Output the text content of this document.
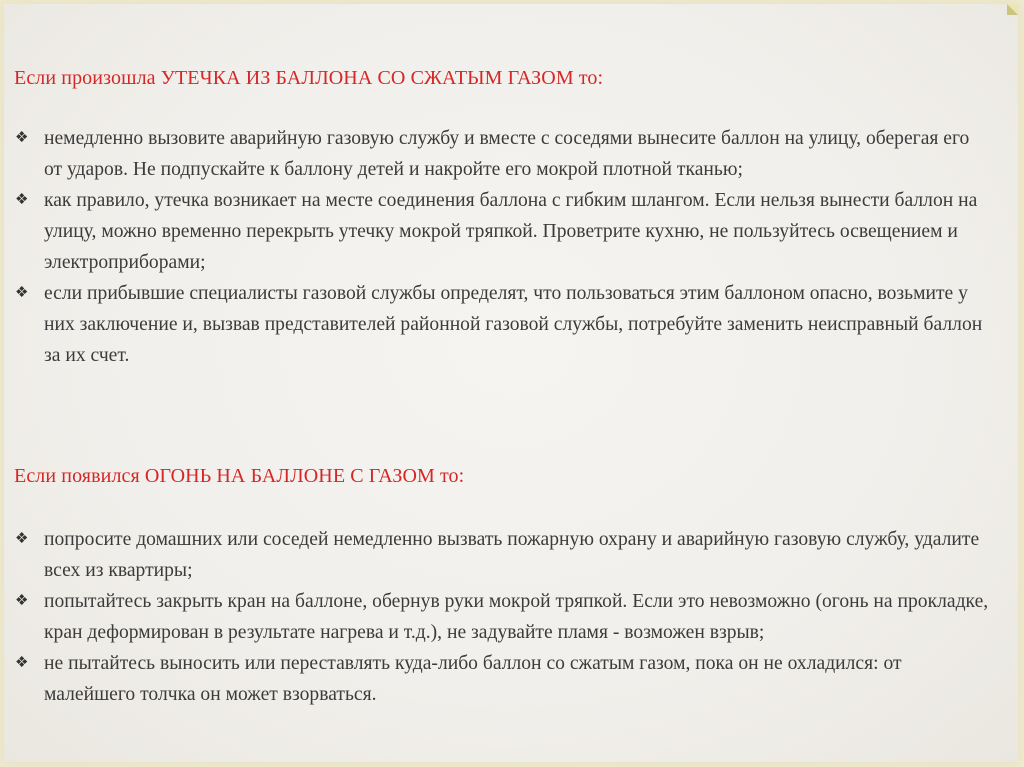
Если произошла УТЕЧКА ИЗ БАЛЛОНА СО СЖАТЫМ ГАЗОМ то:
❖ немедленно вызовите аварийную газовую службу и вместе с соседями вынесите баллон на улицу, оберегая его от ударов. Не подпускайте к баллону детей и накройте его мокрой плотной тканью;
❖ как правило, утечка возникает на месте соединения баллона с гибким шлангом. Если нельзя вынести баллон на улицу, можно временно перекрыть утечку мокрой тряпкой. Проветрите кухню, не пользуйтесь освещением и электроприборами;
❖ если прибывшие специалисты газовой службы определят, что пользоваться этим баллоном опасно, возьмите у них заключение и, вызвав представителей районной газовой службы, потребуйте заменить неисправный баллон за их счет.
Если появился ОГОНЬ НА БАЛЛОНЕ С ГАЗОМ то:
❖ попросите домашних или соседей немедленно вызвать пожарную охрану и аварийную газовую службу, удалите всех из квартиры;
❖ попытайтесь закрыть кран на баллоне, обернув руки мокрой тряпкой. Если это невозможно (огонь на прокладке, кран деформирован в результате нагрева и т.д.), не задувайте пламя - возможен взрыв;
❖ не пытайтесь выносить или переставлять куда-либо баллон со сжатым газом, пока он не охладился: от малейшего толчка он может взорваться.
